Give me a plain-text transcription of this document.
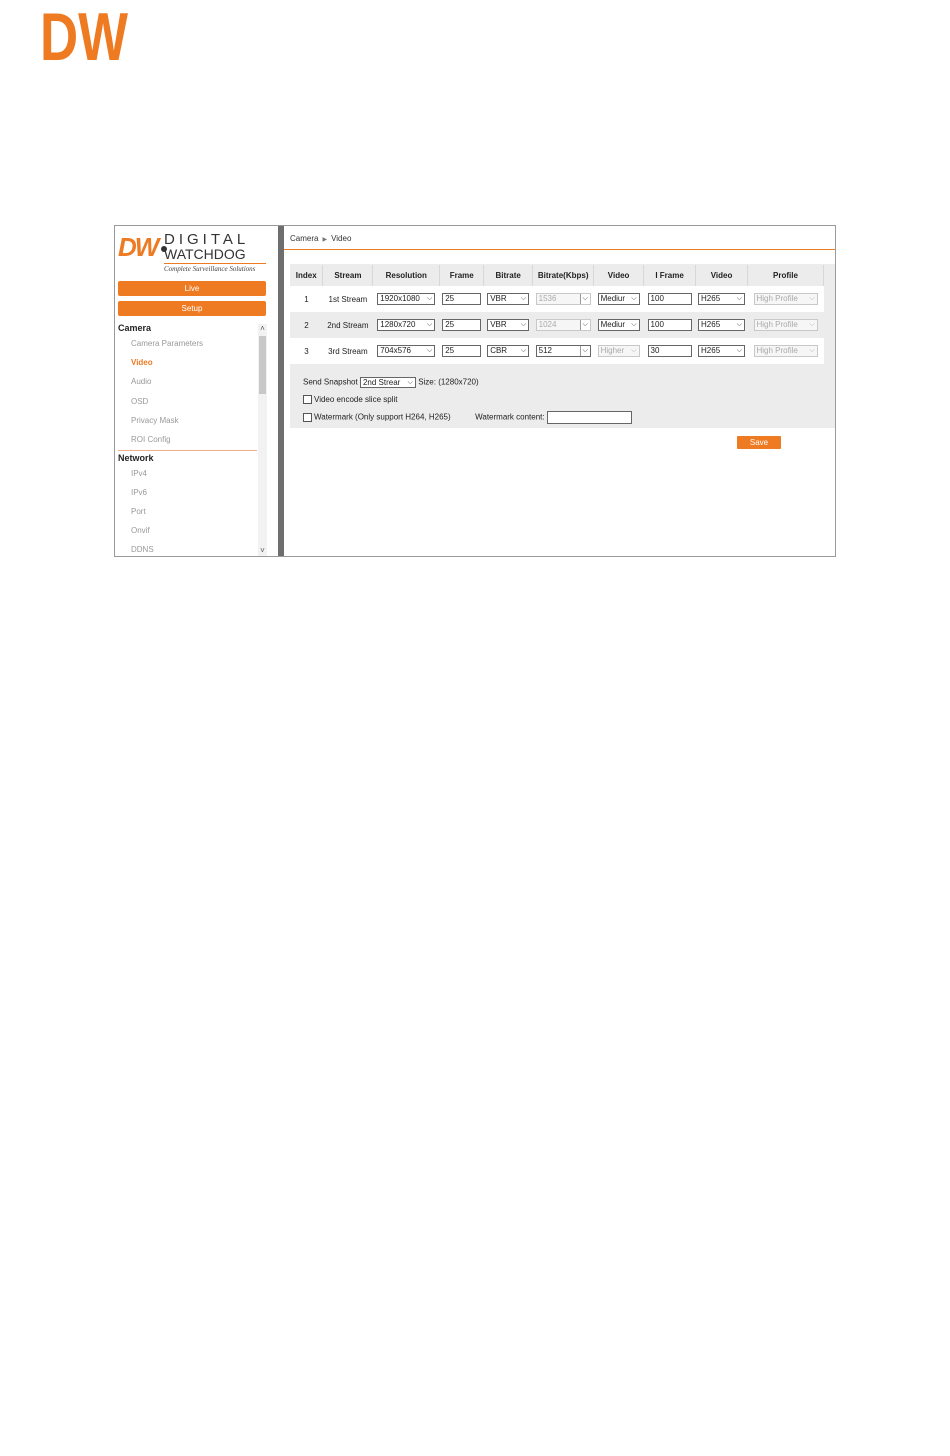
DW
DW DIGITAL
WATCHDOG
Complete Surveillance Solutions
Live
Setup
Camera
Camera Parameters
Video
Audio
OSD
Privacy Mask
ROI Config
Network
IPv4
IPv6
Port
Onvif
DDNS
˄
˅
Camera ▶ Video
Index	Stream	Resolution	Frame	Bitrate	Bitrate(Kbps)	Video	I Frame	Video	Profile
1	1st Stream	1920x1080 ⌵	25	VBR ⌵	1536 ⌵	Mediur ⌵	100	H265 ⌵	High Profile ⌵

2	2nd Stream	1280x720 ⌵	25	VBR ⌵	1024 ⌵	Mediur ⌵	100	H265 ⌵	High Profile ⌵

3	3rd Stream	704x576 ⌵	25	CBR ⌵	512 ⌵	Higher ⌵	30	H265 ⌵	High Profile ⌵
Send Snapshot 2nd Strear ⌵ Size: (1280x720)
Video encode slice split
Watermark (Only support H264, H265)	Watermark content:
Save
